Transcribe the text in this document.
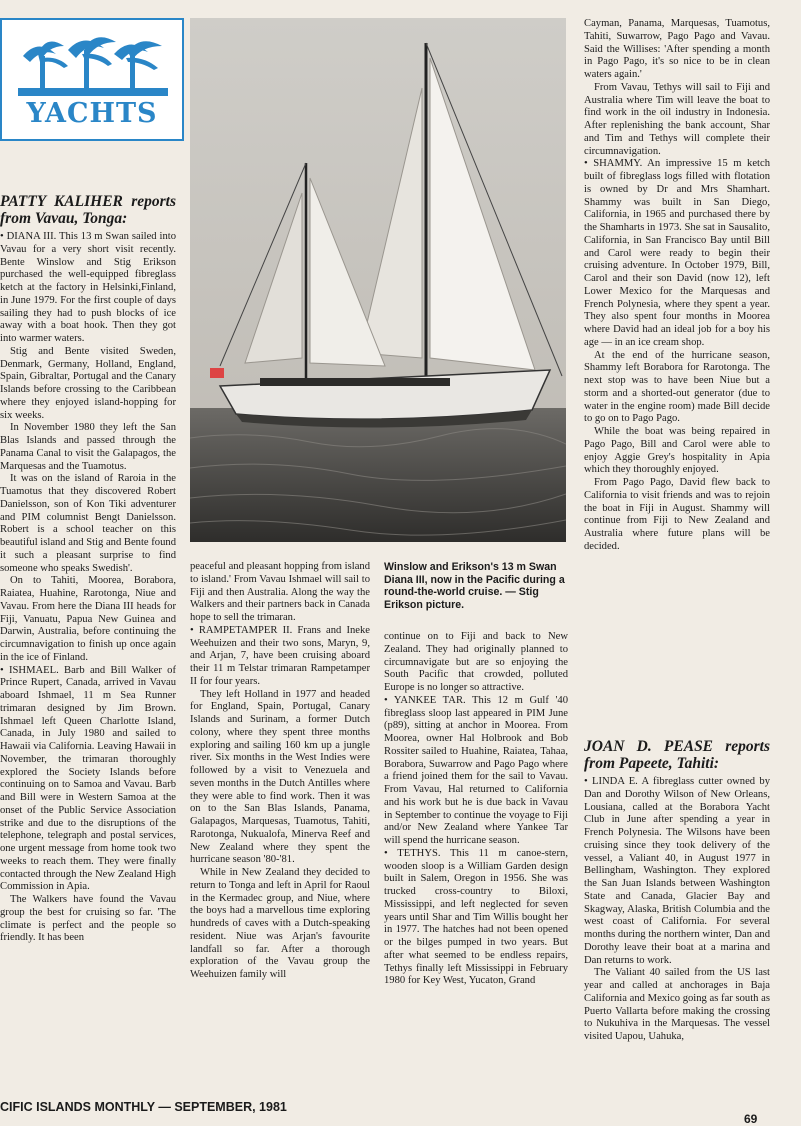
YACHTS
PATTY KALIHER reports from Vavau, Tonga:

• DIANA III. This 13 m Swan sailed into Vavau for a very short visit recently. Bente Winslow and Stig Erikson purchased the well-equipped fibreglass ketch at the factory in Helsinki,Finland, in June 1979. For the first couple of days sailing they had to push blocks of ice away with a boat hook. Then they got into warmer waters.

Stig and Bente visited Sweden, Denmark, Germany, Holland, England, Spain, Gibraltar, Portugal and the Canary Islands before crossing to the Caribbean where they enjoyed island-hopping for six weeks.

In November 1980 they left the San Blas Islands and passed through the Panama Canal to visit the Galapagos, the Marquesas and the Tuamotus.

It was on the island of Raroia in the Tuamotus that they discovered Robert Danielsson, son of Kon Tiki adventurer and PIM columnist Bengt Danielsson. Robert is a school teacher on this beautiful island and Stig and Bente found it such a pleasant surprise to find someone who speaks Swedish'.

On to Tahiti, Moorea, Borabora, Raiatea, Huahine, Rarotonga, Niue and Vavau. From here the Diana III heads for Fiji, Vanuatu, Papua New Guinea and Darwin, Australia, before continuing the circumnavigation to finish up once again in the ice of Finland.

• ISHMAEL. Barb and Bill Walker of Prince Rupert, Canada, arrived in Vavau aboard Ishmael, 11 m Sea Runner trimaran designed by Jim Brown. Ishmael left Queen Charlotte Island, Canada, in July 1980 and sailed to Hawaii via California. Leaving Hawaii in November, the trimaran thoroughly explored the Society Islands before continuing on to Samoa and Vavau. Barb and Bill were in Western Samoa at the onset of the Public Service Association strike and due to the disruptions of the telephone, telegraph and postal services, one urgent message from home took two weeks to reach them. They were finally contacted through the New Zealand High Commission in Apia.

The Walkers have found the Vavau group the best for cruising so far. 'The climate is perfect and the people so friendly. It has been

peaceful and pleasant hopping from island to island.' From Vavau Ishmael will sail to Fiji and then Australia. Along the way the Walkers and their partners back in Canada hope to sell the trimaran.

• RAMPETAMPER II. Frans and Ineke Weehuizen and their two sons, Maryn, 9, and Arjan, 7, have been cruising aboard their 11 m Telstar trimaran Rampetamper II for four years.

They left Holland in 1977 and headed for England, Spain, Portugal, Canary Islands and Surinam, a former Dutch colony, where they spent three months exploring and sailing 160 km up a jungle river. Six months in the West Indies were followed by a visit to Venezuela and seven months in the Dutch Antilles where they were able to find work. Then it was on to the San Blas Islands, Panama, Galapagos, Marquesas, Tuamotus, Tahiti, Rarotonga, Nukualofa, Minerva Reef and New Zealand where they spent the hurricane season '80-'81.

While in New Zealand they decided to return to Tonga and left in April for Raoul in the Kermadec group, and Niue, where the boys had a marvellous time exploring hundreds of caves with a Dutch-speaking resident. Niue was Arjan's favourite landfall so far. After a thorough exploration of the Vavau group the Weehuizen family will

Winslow and Erikson's 13 m Swan Diana III, now in the Pacific during a round-the-world cruise. — Stig Erikson picture.

continue on to Fiji and back to New Zealand. They had originally planned to circumnavigate but are so enjoying the South Pacific that crowded, polluted Europe is no longer so attractive.

• YANKEE TAR. This 12 m Gulf '40 fibreglass sloop last appeared in PIM June (p89), sitting at anchor in Moorea. From Moorea, owner Hal Holbrook and Bob Rossiter sailed to Huahine, Raiatea, Tahaa, Borabora, Suwarrow and Pago Pago where a friend joined them for the sail to Vavau. From Vavau, Hal returned to California and his work but he is due back in Vavau in September to continue the voyage to Fiji and/or New Zealand where Yankee Tar will spend the hurricane season.

• TETHYS. This 11 m canoe-stern, wooden sloop is a William Garden design built in Salem, Oregon in 1956. She was trucked cross-country to Biloxi, Mississippi, and left neglected for seven years until Shar and Tim Willis bought her in 1977. The hatches had not been opened or the bilges pumped in two years. But after what seemed to be endless repairs, Tethys finally left Mississippi in February 1980 for Key West, Yucaton, Grand

Cayman, Panama, Marquesas, Tuamotus, Tahiti, Suwarrow, Pago Pago and Vavau. Said the Willises: 'After spending a month in Pago Pago, it's so nice to be in clean waters again.'

From Vavau, Tethys will sail to Fiji and Australia where Tim will leave the boat to find work in the oil industry in Indonesia. After replenishing the bank account, Shar and Tim and Tethys will complete their circumnavigation.

• SHAMMY. An impressive 15 m ketch built of fibreglass logs filled with flotation is owned by Dr and Mrs Shamhart. Shammy was built in San Diego, California, in 1965 and purchased there by the Shamharts in 1973. She sat in Sausalito, California, in San Francisco Bay until Bill and Carol were ready to begin their cruising adventure. In October 1979, Bill, Carol and their son David (now 12), left Lower Mexico for the Marquesas and French Polynesia, where they spent a year. They also spent four months in Moorea where David had an ideal job for a boy his age — in an ice cream shop.

At the end of the hurricane season, Shammy left Borabora for Rarotonga. The next stop was to have been Niue but a storm and a shorted-out generator (due to water in the engine room) made Bill decide to go on to Pago Pago.

While the boat was being repaired in Pago Pago, Bill and Carol were able to enjoy Aggie Grey's hospitality in Apia which they thoroughly enjoyed.

From Pago Pago, David flew back to California to visit friends and was to rejoin the boat in Fiji in August. Shammy will continue from Fiji to New Zealand and Australia where future plans will be decided.

JOAN D. PEASE reports from Papeete, Tahiti:

• LINDA E. A fibreglass cutter owned by Dan and Dorothy Wilson of New Orleans, Lousiana, called at the Borabora Yacht Club in June after spending a year in French Polynesia. The Wilsons have been cruising since they took delivery of the vessel, a Valiant 40, in August 1977 in Bellingham, Washington. They explored the San Juan Islands between Washington State and Canada, Glacier Bay and Skagway, Alaska, British Columbia and the west coast of California. For several months during the northern winter, Dan and Dorothy leave their boat at a marina and Dan returns to work.

The Valiant 40 sailed from the US last year and called at anchorages in Baja California and Mexico going as far south as Puerto Vallarta before making the crossing to Nukuhiva in the Marquesas. The vessel visited Uapou, Uahuka,

CIFIC ISLANDS MONTHLY — SEPTEMBER, 1981
69
